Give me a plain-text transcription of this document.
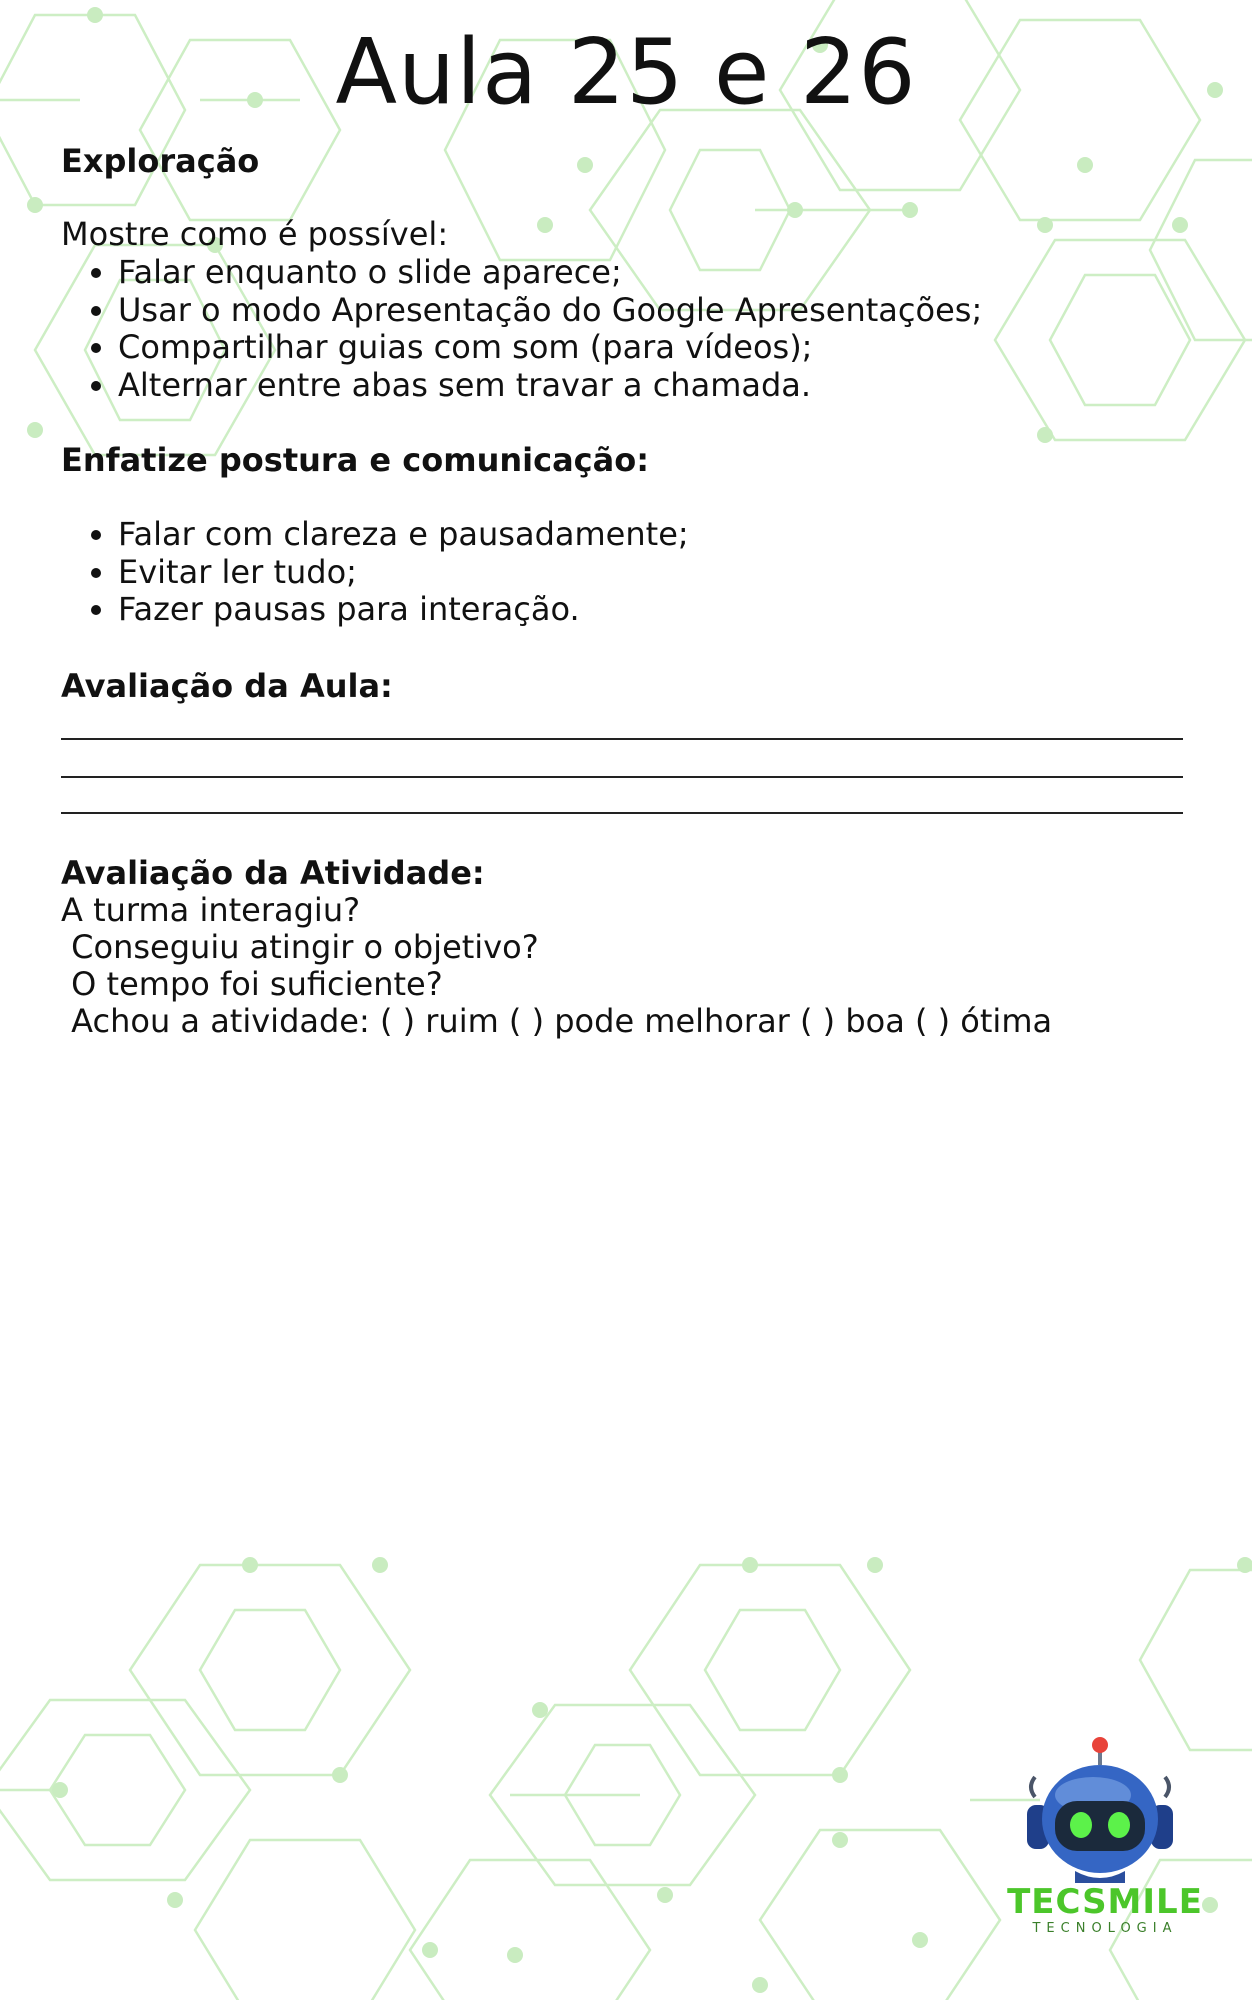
Aula 25 e 26
Exploração

Mostre como é possível:

• Falar enquanto o slide aparece;
• Usar o modo Apresentação do Google Apresentações;
• Compartilhar guias com som (para vídeos);
• Alternar entre abas sem travar a chamada.
Enfatize postura e comunicação:
• Falar com clareza e pausadamente;
• Evitar ler tudo;
• Fazer pausas para interação.
Avaliação da Aula:
Avaliação da Atividade:

A turma interagiu?

Conseguiu atingir o objetivo?

O tempo foi suficiente?

Achou a atividade: ( ) ruim ( ) pode melhorar ( ) boa ( ) ótima

TECSMILE
TECNOLOGIA
